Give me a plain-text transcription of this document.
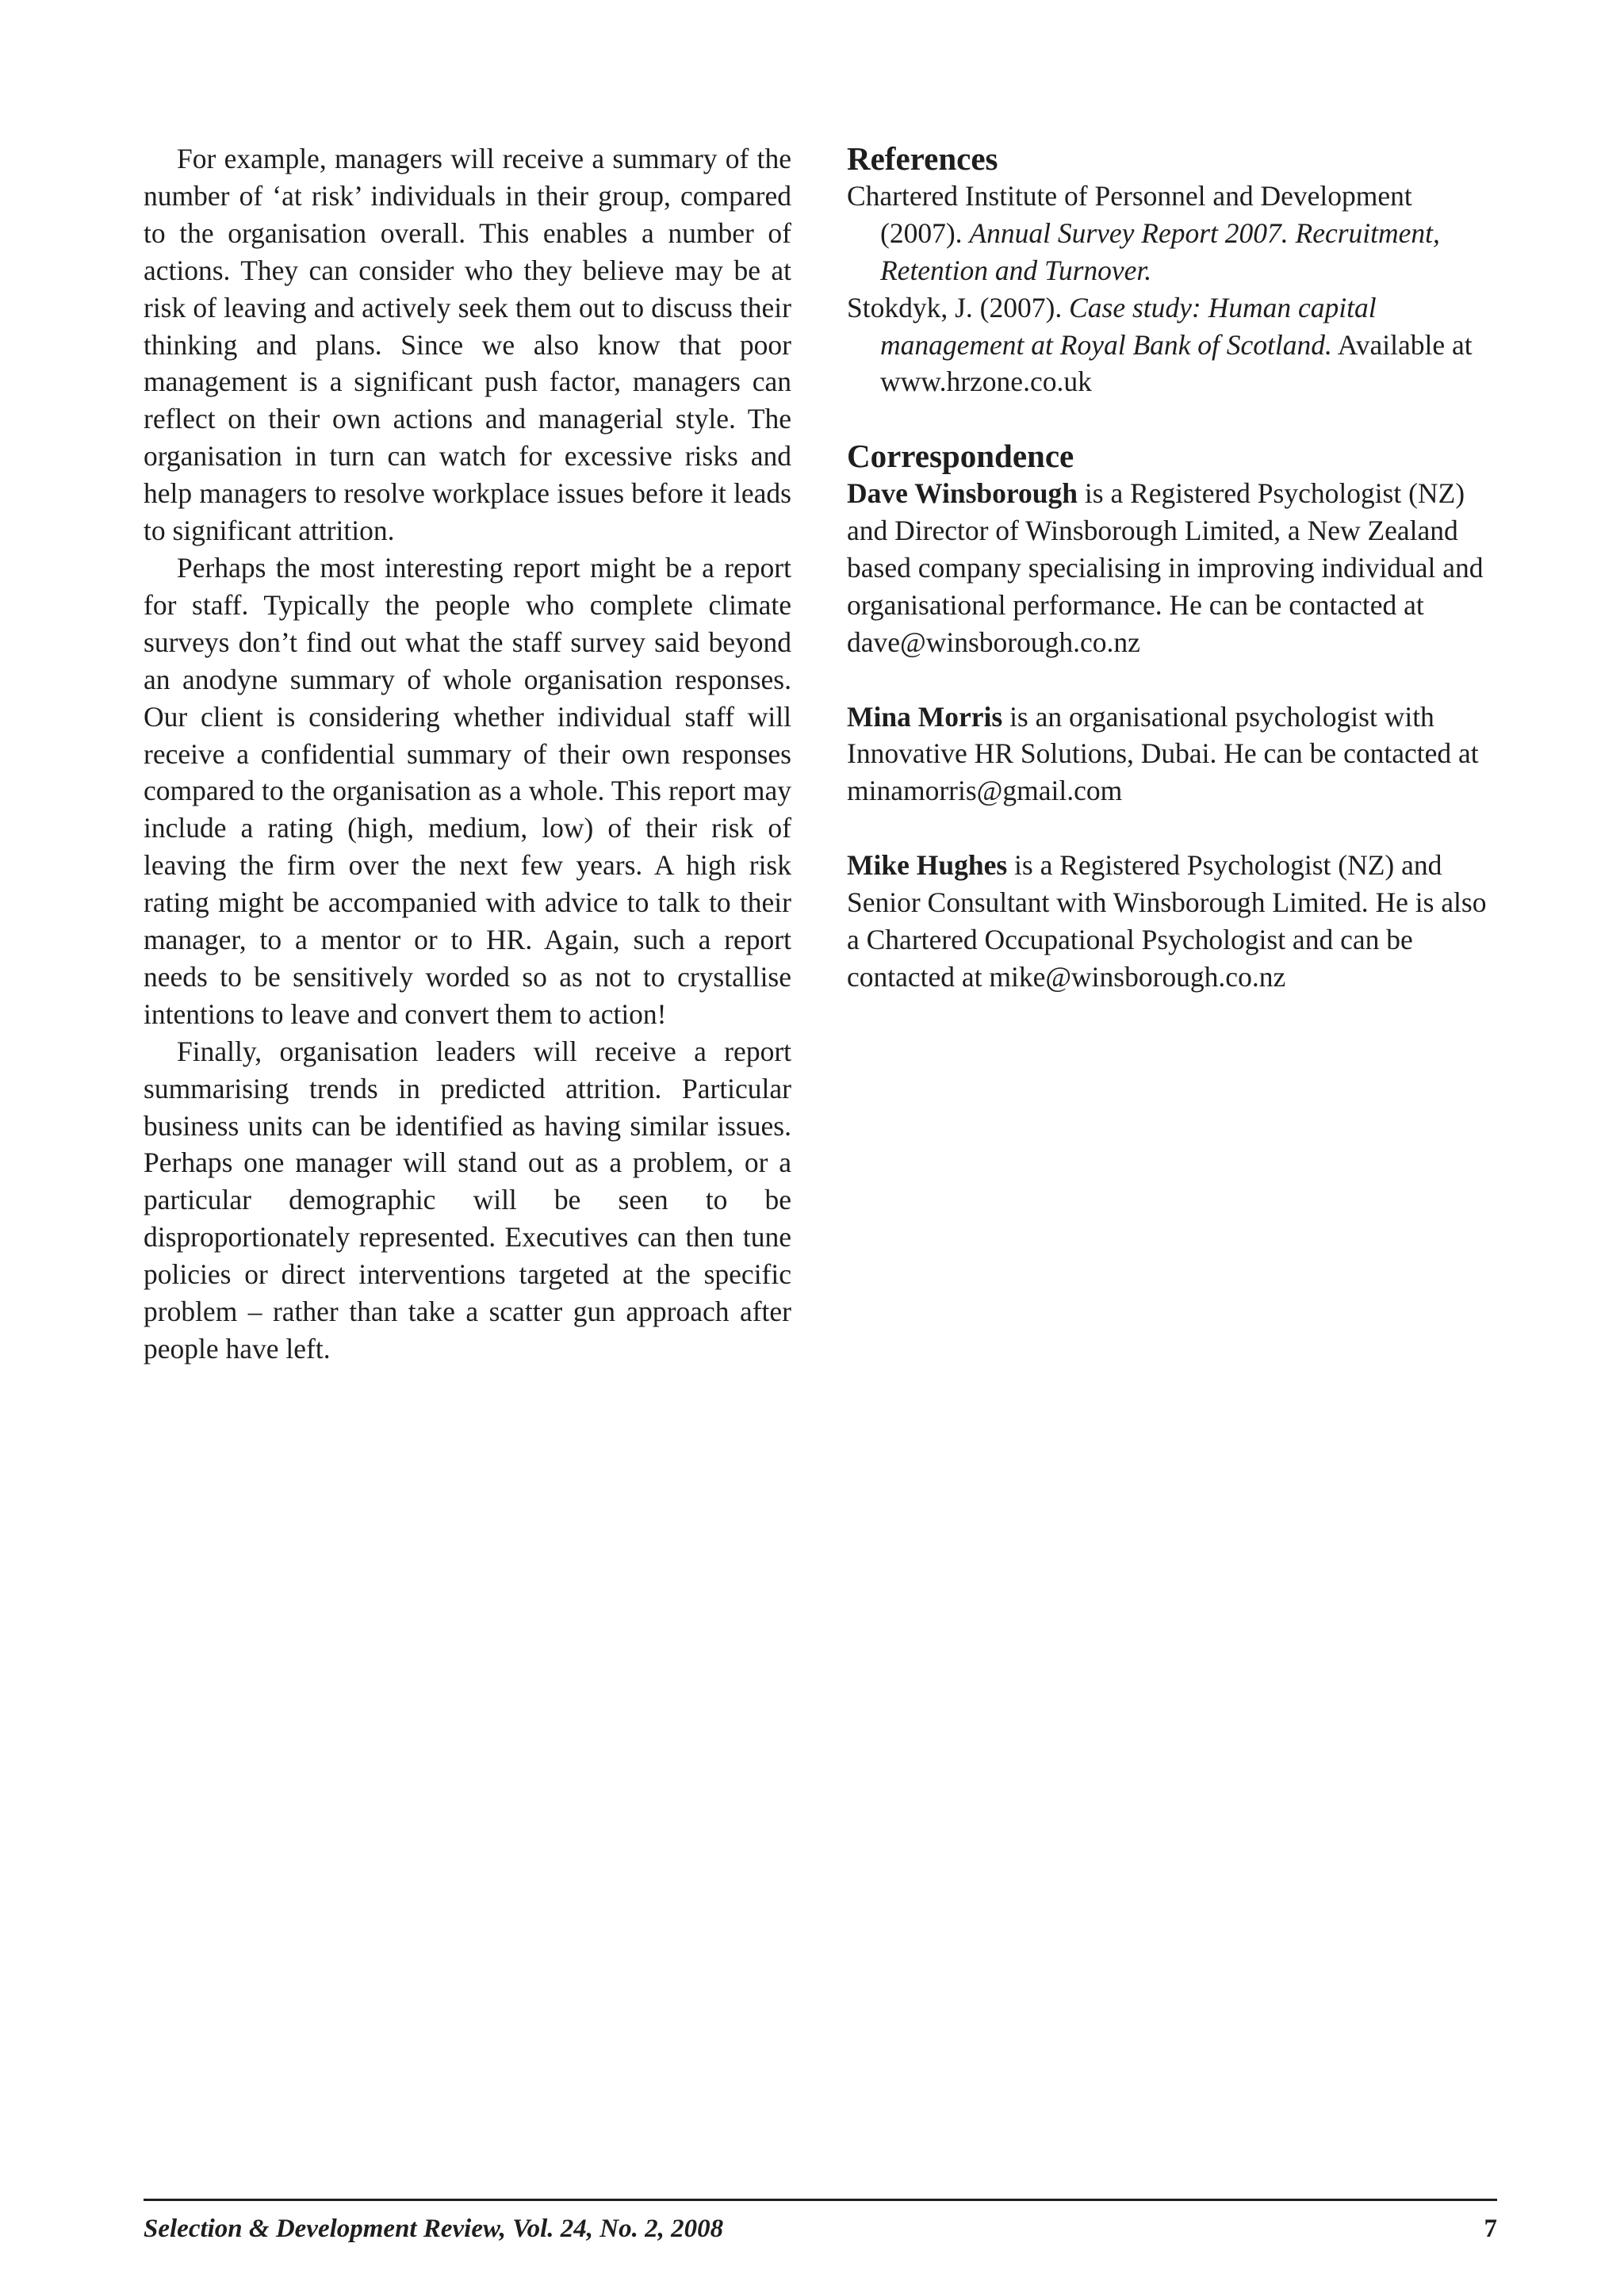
For example, managers will receive a summary of the number of ‘at risk’ individuals in their group, compared to the organisation overall. This enables a number of actions. They can consider who they believe may be at risk of leaving and actively seek them out to discuss their thinking and plans. Since we also know that poor management is a significant push factor, managers can reflect on their own actions and managerial style. The organisation in turn can watch for excessive risks and help managers to resolve workplace issues before it leads to significant attrition.

Perhaps the most interesting report might be a report for staff. Typically the people who complete climate surveys don’t find out what the staff survey said beyond an anodyne summary of whole organisation responses. Our client is considering whether individual staff will receive a confidential summary of their own responses compared to the organisation as a whole. This report may include a rating (high, medium, low) of their risk of leaving the firm over the next few years. A high risk rating might be accompanied with advice to talk to their manager, to a mentor or to HR. Again, such a report needs to be sensitively worded so as not to crystallise intentions to leave and convert them to action!

Finally, organisation leaders will receive a report summarising trends in predicted attrition. Particular business units can be identified as having similar issues. Perhaps one manager will stand out as a problem, or a particular demographic will be seen to be disproportionately represented. Executives can then tune policies or direct interventions targeted at the specific problem – rather than take a scatter gun approach after people have left.

References

Chartered Institute of Personnel and Development (2007). Annual Survey Report 2007. Recruitment, Retention and Turnover.

Stokdyk, J. (2007). Case study: Human capital management at Royal Bank of Scotland. Available at www.hrzone.co.uk

Correspondence

Dave Winsborough is a Registered Psychologist (NZ) and Director of Winsborough Limited, a New Zealand based company specialising in improving individual and organisational performance. He can be contacted at dave@winsborough.co.nz

Mina Morris is an organisational psychologist with Innovative HR Solutions, Dubai. He can be contacted at minamorris@gmail.com

Mike Hughes is a Registered Psychologist (NZ) and Senior Consultant with Winsborough Limited. He is also a Chartered Occupational Psychologist and can be contacted at mike@winsborough.co.nz

Selection & Development Review, Vol. 24, No. 2, 2008	7
